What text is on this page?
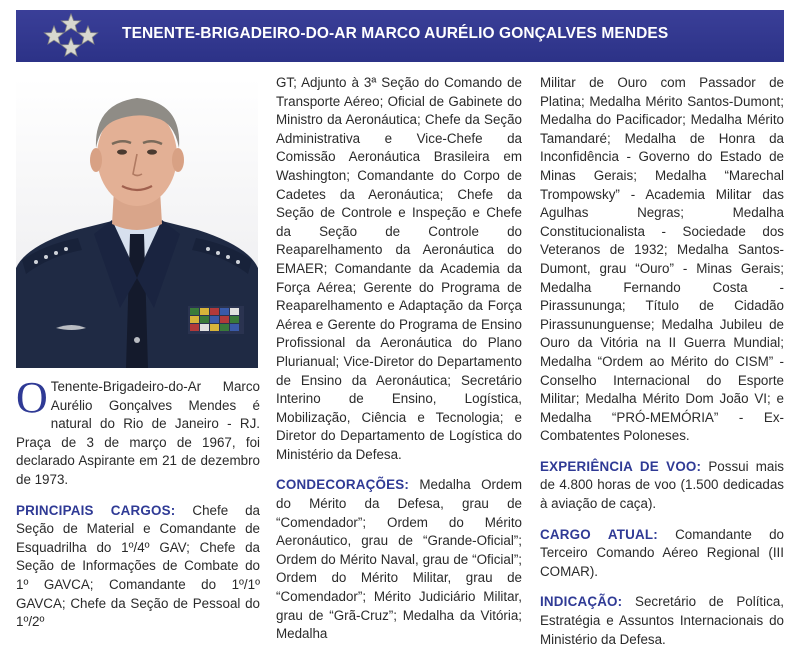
TENENTE-BRIGADEIRO-DO-AR MARCO AURÉLIO GONÇALVES MENDES

O Tenente-Brigadeiro-do-Ar Marco Aurélio Gonçalves Mendes é natural do Rio de Janeiro - RJ. Praça de 3 de março de 1967, foi declarado Aspirante em 21 de dezembro de 1973.

PRINCIPAIS CARGOS: Chefe da Seção de Material e Comandante de Esquadrilha do 1º/4º GAV; Chefe da Seção de Informações de Combate do 1º GAVCA; Comandante do 1º/1º GAVCA; Chefe da Seção de Pessoal do 1º/2º

GT; Adjunto à 3ª Seção do Comando de Transporte Aéreo; Oficial de Gabinete do Ministro da Aeronáutica; Chefe da Seção Administrativa e Vice-Chefe da Comissão Aeronáutica Brasileira em Washington; Comandante do Corpo de Cadetes da Aeronáutica; Chefe da Seção de Controle e Inspeção e Chefe da Seção de Controle do Reaparelhamento da Aeronáutica do EMAER; Comandante da Academia da Força Aérea; Gerente do Programa de Reaparelhamento e Adaptação da Força Aérea e Gerente do Programa de Ensino Profissional da Aeronáutica do Plano Plurianual; Vice-Diretor do Departamento de Ensino da Aeronáutica; Secretário Interino de Ensino, Logística, Mobilização, Ciência e Tecnologia; e Diretor do Departamento de Logística do Ministério da Defesa.

CONDECORAÇÕES: Medalha Ordem do Mérito da Defesa, grau de “Comendador”; Ordem do Mérito Aeronáutico, grau de “Grande-Oficial”; Ordem do Mérito Naval, grau de “Oficial”; Ordem do Mérito Militar, grau de “Comendador”; Mérito Judiciário Militar, grau de “Grã-Cruz”; Medalha da Vitória; Medalha

Militar de Ouro com Passador de Platina; Medalha Mérito Santos-Dumont; Medalha do Pacificador; Medalha Mérito Tamandaré; Medalha de Honra da Inconfidência - Governo do Estado de Minas Gerais; Medalha “Marechal Trompowsky” - Academia Militar das Agulhas Negras; Medalha Constitucionalista - Sociedade dos Veteranos de 1932; Medalha Santos-Dumont, grau “Ouro” - Minas Gerais; Medalha Fernando Costa - Pirassununga; Título de Cidadão Pirassununguense; Medalha Jubileu de Ouro da Vitória na II Guerra Mundial; Medalha “Ordem ao Mérito do CISM” - Conselho Internacional do Esporte Militar; Medalha Mérito Dom João VI; e Medalha “PRÓ-MEMÓRIA” - Ex-Combatentes Poloneses.

EXPERIÊNCIA DE VOO: Possui mais de 4.800 horas de voo (1.500 dedicadas à aviação de caça).

CARGO ATUAL: Comandante do Terceiro Comando Aéreo Regional (III COMAR).

INDICAÇÃO: Secretário de Política, Estratégia e Assuntos Internacionais do Ministério da Defesa.
